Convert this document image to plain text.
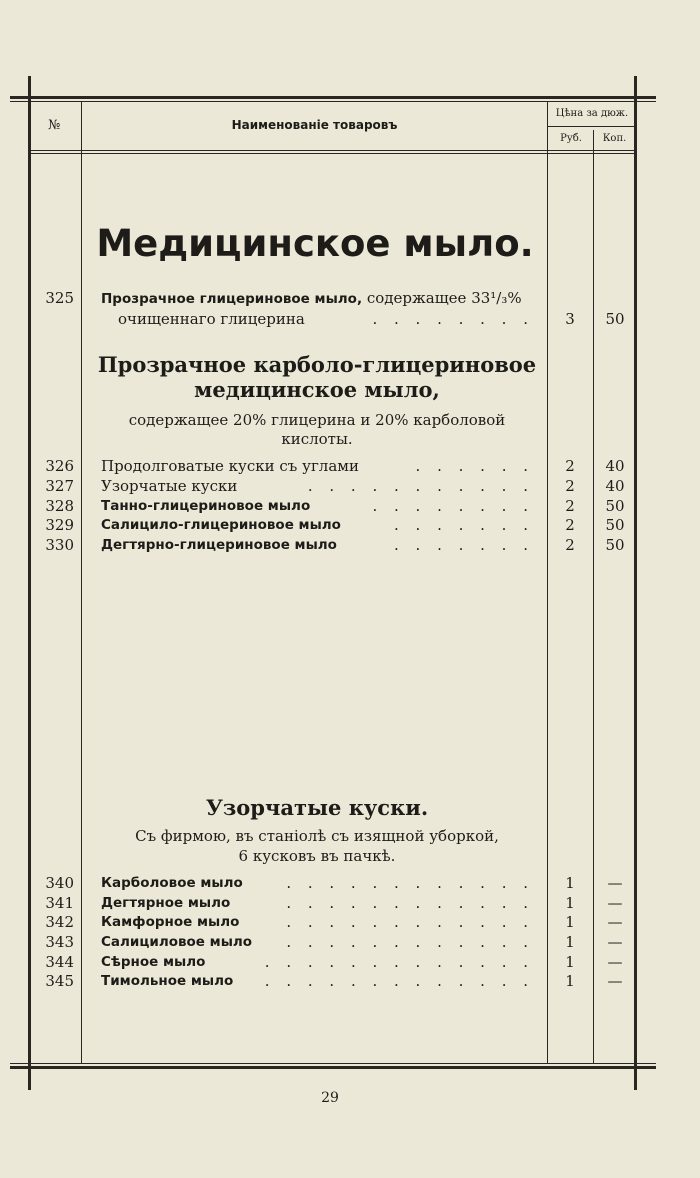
№	Наименованіе товаровъ
Цѣна за дюж.
Руб.	Коп.
Медицинское мыло.
325 Прозрачное глицериновое мыло, содержащее 33¹/₃%
очищеннаго глицерина	. . . . . . . .	3	50
Прозрачное карболо-глицериновое
медицинское мыло,
содержащее 20% глицерина и 20% карболовой
кислоты.
326 Продолговатые куски съ углами	. . . . . .	2	40
327 Узорчатые куски	. . . . . . . . . . .	2	40
328 Танно-глицериновое мыло	. . . . . . . .	2	50
329 Салицило-глицериновое мыло	. . . . . . .	2	50
330 Дегтярно-глицериновое мыло	. . . . . . .	2	50
Узорчатые куски.
Съ фирмою, въ станіолѣ съ изящной уборкой,
6 кусковъ въ пачкѣ.
340 Карболовое мыло	. . . . . . . . . . . .	1	—
341 Дегтярное мыло	. . . . . . . . . . . .	1	—
342 Камфорное мыло	. . . . . . . . . . . .	1	—
343 Салициловое мыло	. . . . . . . . . . . .	1	—
344 Сѣрное мыло	. . . . . . . . . . . . .	1	—
345 Тимольное мыло	. . . . . . . . . . . . .	1	—
29
